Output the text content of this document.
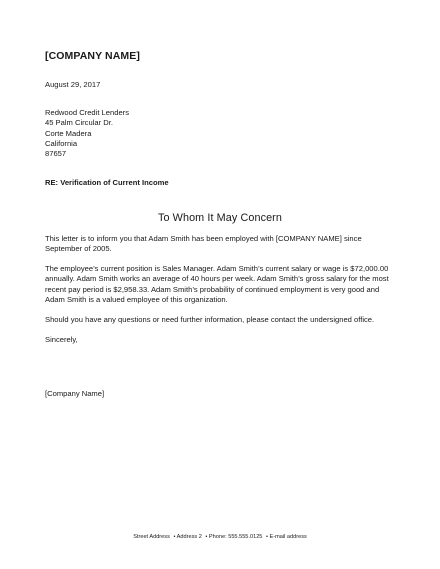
[COMPANY NAME]
August 29, 2017
Redwood Credit Lenders
45 Palm Circular Dr.
Corte Madera
California
87657
RE: Verification of Current Income
To Whom It May Concern
This letter is to inform you that Adam Smith has been employed with [COMPANY NAME] since September of 2005.
The employee’s current position is Sales Manager. Adam Smith’s current salary or wage is $72,000.00 annually. Adam Smith works an average of 40 hours per week. Adam Smith’s gross salary for the most recent pay period is $2,958.33. Adam Smith’s probability of continued employment is very good and Adam Smith is a valued employee of this organization.
Should you have any questions or need further information, please contact the undersigned office.
Sincerely,
[Company Name]
Street Address • Address 2 • Phone: 555.555.0125 • E-mail address
